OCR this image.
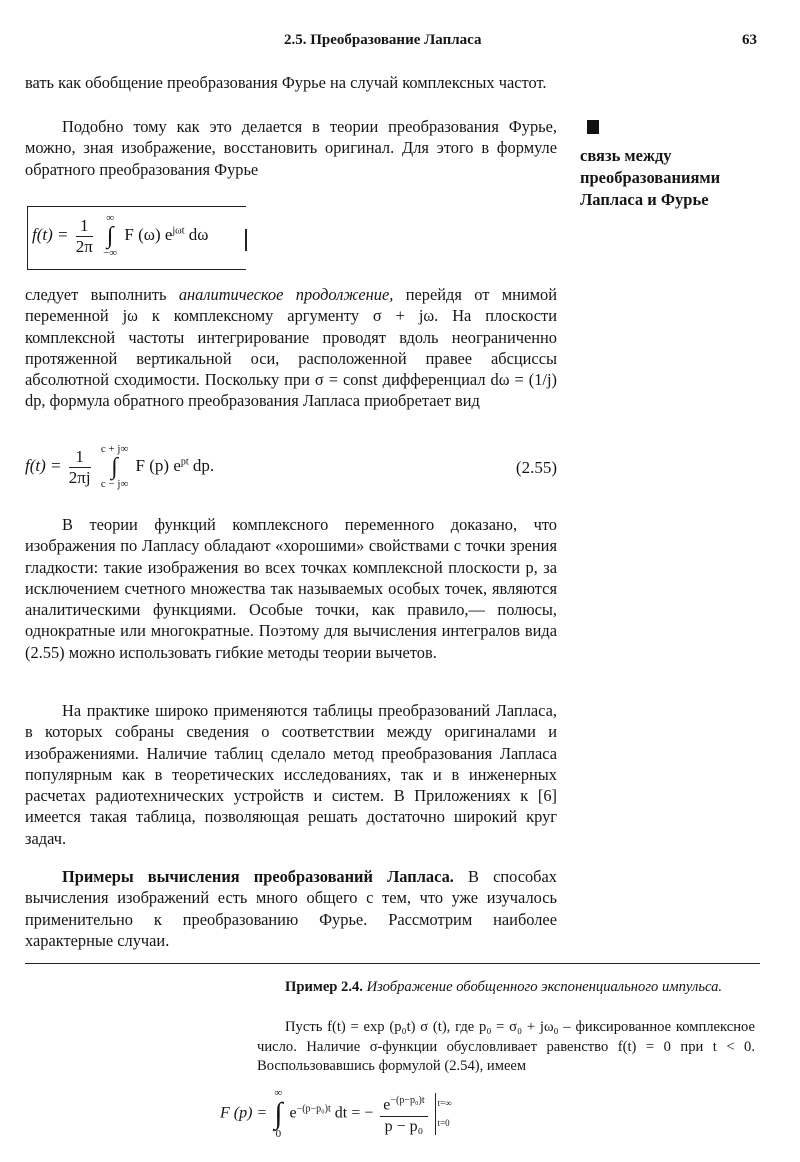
2.5. Преобразование Лапласа	63

вать как обобщение преобразования Фурье на случай комплексных частот.

Подобно тому как это делается в теории преобразования Фурье, можно, зная изображение, восстановить оригинал. Для этого в формуле обратного преобразования Фурье

$f(t) = \frac{1}{2\pi}$ ∞
∫
−∞ F (ω) $e^{j\omega t}$ dω

следует выполнить аналитическое продолжение, перейдя от мнимой переменной jω к комплексному аргументу σ + jω. На плоскости комплексной частоты интегрирование проводят вдоль неограниченно протяженной вертикальной оси, расположенной правее абсциссы абсолютной сходимости. Поскольку при σ = const дифференциал dω = (1/j) dp, формула обратного преобразования Лапласа приобретает вид

$f(t) = \frac{1}{2\pi j}$ c + j∞
∫
c − j∞ F (p) $e^{pt}$ dp.	(2.55)

В теории функций комплексного переменного доказано, что изображения по Лапласу обладают «хорошими» свойствами с точки зрения гладкости: такие изображения во всех точках комплексной плоскости p, за исключением счетного множества так называемых особых точек, являются аналитическими функциями. Особые точки, как правило,— полюсы, однократные или многократные. Поэтому для вычисления интегралов вида (2.55) можно использовать гибкие методы теории вычетов.

На практике широко применяются таблицы преобразований Лапласа, в которых собраны сведения о соответствии между оригиналами и изображениями. Наличие таблиц сделало метод преобразования Лапласа популярным как в теоретических исследованиях, так и в инженерных расчетах радиотехнических устройств и систем. В Приложениях к [6] имеется такая таблица, позволяющая решать достаточно широкий круг задач.

Примеры вычисления преобразований Лапласа. В способах вычисления изображений есть много общего с тем, что уже изучалось применительно к преобразованию Фурье. Рассмотрим наиболее характерные случаи.

связь между преобразованиями Лапласа и Фурье

Пример 2.4. Изображение обобщенного экспоненциального импульса.

Пусть f(t) = exp (p₀t) σ (t), где p₀ = σ₀ + jω₀ – фиксированное комплексное число. Наличие σ-функции обусловливает равенство f(t) = 0 при t < 0. Воспользовавшись формулой (2.54), имеем

F (p) = ∞
∫
0 $e^{-(p-p_0)t}$ dt = − $\frac{e^{-(p-p_0)t}}{\text{p − p₀}}$
t=∞
t=0
